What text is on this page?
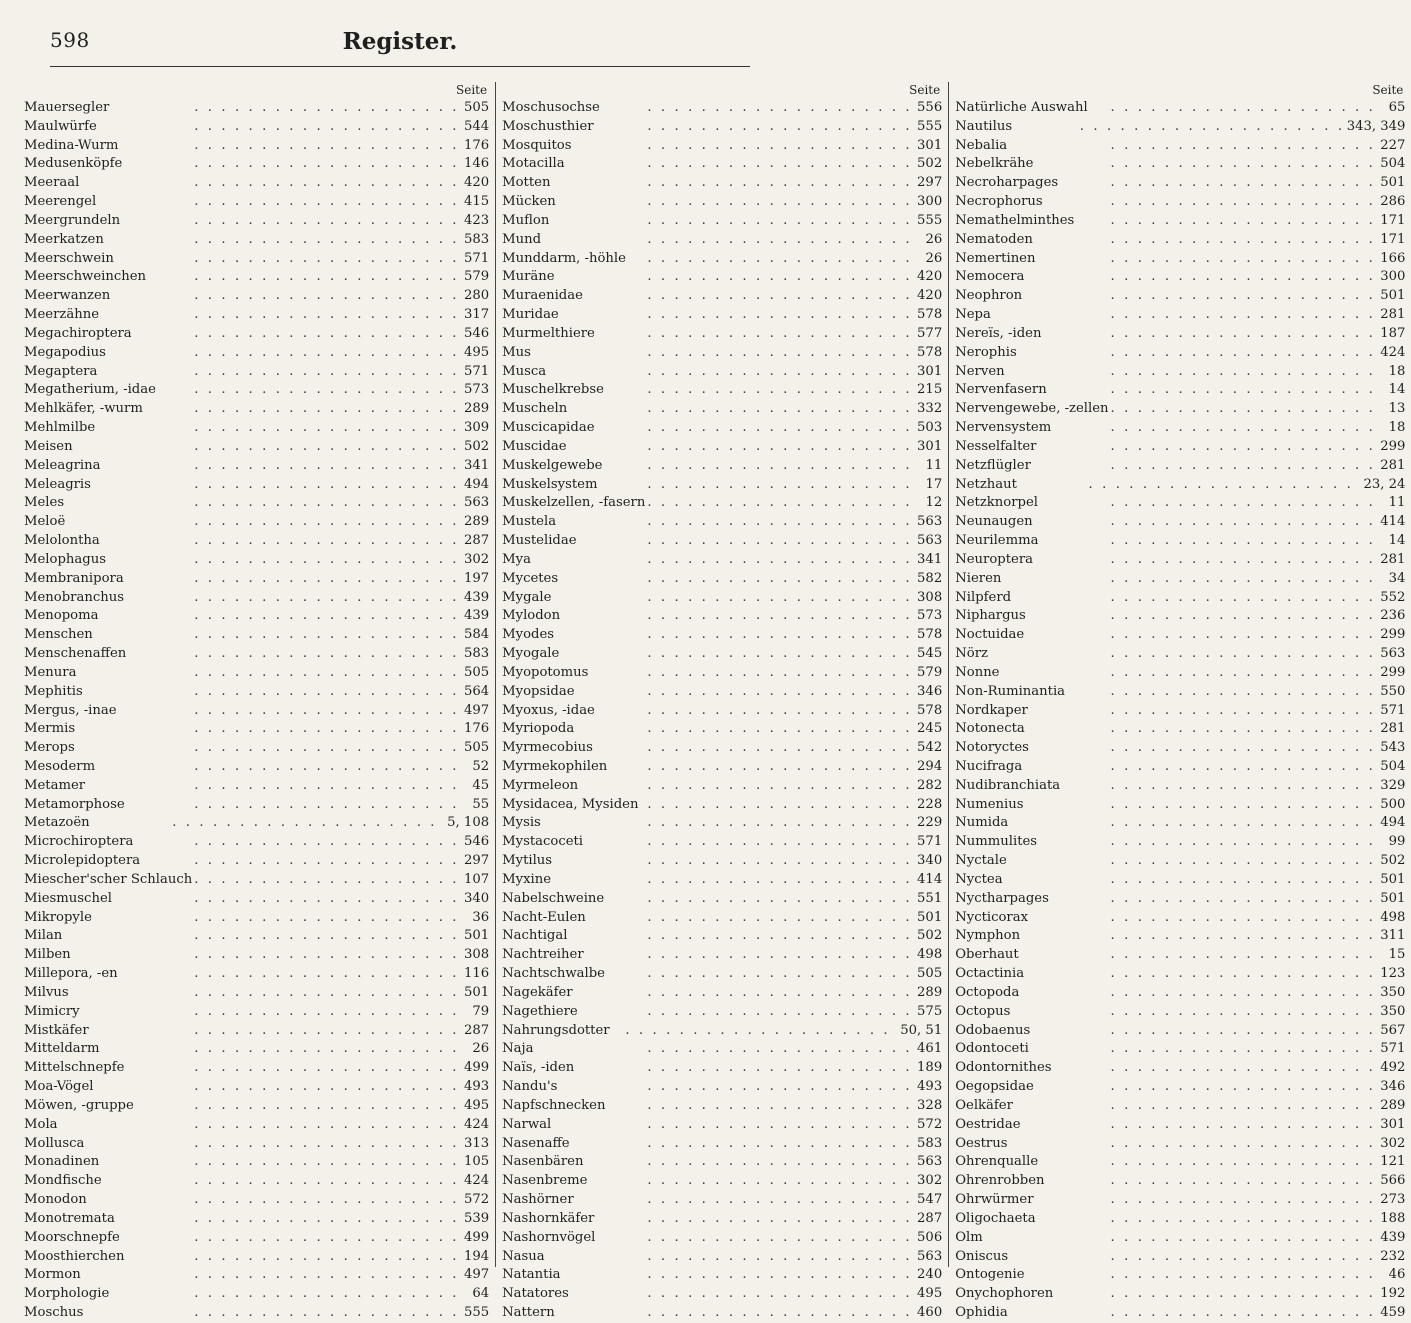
598	Register.
Seite
Mauersegler	. . . . . . . . . . . . . . . . . . . . 505
Maulwürfe	. . . . . . . . . . . . . . . . . . . . 544
Medina-Wurm	. . . . . . . . . . . . . . . . . . . . 176
Medusenköpfe	. . . . . . . . . . . . . . . . . . . . 146
Meeraal	. . . . . . . . . . . . . . . . . . . . 420
Meerengel	. . . . . . . . . . . . . . . . . . . . 415
Meergrundeln	. . . . . . . . . . . . . . . . . . . . 423
Meerkatzen	. . . . . . . . . . . . . . . . . . . . 583
Meerschwein	. . . . . . . . . . . . . . . . . . . . 571
Meerschweinchen	. . . . . . . . . . . . . . . . . . . . 579
Meerwanzen	. . . . . . . . . . . . . . . . . . . . 280
Meerzähne	. . . . . . . . . . . . . . . . . . . . 317
Megachiroptera	. . . . . . . . . . . . . . . . . . . . 546
Megapodius	. . . . . . . . . . . . . . . . . . . . 495
Megaptera	. . . . . . . . . . . . . . . . . . . . 571
Megatherium, -idae	. . . . . . . . . . . . . . . . . . . . 573
Mehlkäfer, -wurm	. . . . . . . . . . . . . . . . . . . . 289
Mehlmilbe	. . . . . . . . . . . . . . . . . . . . 309
Meisen	. . . . . . . . . . . . . . . . . . . . 502
Meleagrina	. . . . . . . . . . . . . . . . . . . . 341
Meleagris	. . . . . . . . . . . . . . . . . . . . 494
Meles	. . . . . . . . . . . . . . . . . . . . 563
Meloë	. . . . . . . . . . . . . . . . . . . . 289
Melolontha	. . . . . . . . . . . . . . . . . . . . 287
Melophagus	. . . . . . . . . . . . . . . . . . . . 302
Membranipora	. . . . . . . . . . . . . . . . . . . . 197
Menobranchus	. . . . . . . . . . . . . . . . . . . . 439
Menopoma	. . . . . . . . . . . . . . . . . . . . 439
Menschen	. . . . . . . . . . . . . . . . . . . . 584
Menschenaffen	. . . . . . . . . . . . . . . . . . . . 583
Menura	. . . . . . . . . . . . . . . . . . . . 505
Mephitis	. . . . . . . . . . . . . . . . . . . . 564
Mergus, -inae	. . . . . . . . . . . . . . . . . . . . 497
Mermis	. . . . . . . . . . . . . . . . . . . . 176
Merops	. . . . . . . . . . . . . . . . . . . . 505
Mesoderm	. . . . . . . . . . . . . . . . . . . .	52
Metamer	. . . . . . . . . . . . . . . . . . . .	45
Metamorphose	. . . . . . . . . . . . . . . . . . . .	55
Metazoën	. . . . . . . . . . . . . . . . . . . . 5, 108
Microchiroptera	. . . . . . . . . . . . . . . . . . . . 546
Microlepidoptera	. . . . . . . . . . . . . . . . . . . . 297
Miescher'scher Schlauch . . . . . . . . . . . . . . . . . . . . 107
Miesmuschel	. . . . . . . . . . . . . . . . . . . . 340
Mikropyle	. . . . . . . . . . . . . . . . . . . .	36
Milan	. . . . . . . . . . . . . . . . . . . . 501
Milben	. . . . . . . . . . . . . . . . . . . . 308
Millepora, -en	. . . . . . . . . . . . . . . . . . . . 116
Milvus	. . . . . . . . . . . . . . . . . . . . 501
Mimicry	. . . . . . . . . . . . . . . . . . . .	79
Mistkäfer	. . . . . . . . . . . . . . . . . . . . 287
Mitteldarm	. . . . . . . . . . . . . . . . . . . .	26
Mittelschnepfe	. . . . . . . . . . . . . . . . . . . . 499
Moa-Vögel	. . . . . . . . . . . . . . . . . . . . 493
Möwen, -gruppe	. . . . . . . . . . . . . . . . . . . . 495
Mola	. . . . . . . . . . . . . . . . . . . . 424
Mollusca	. . . . . . . . . . . . . . . . . . . . 313
Monadinen	. . . . . . . . . . . . . . . . . . . . 105
Mondfische	. . . . . . . . . . . . . . . . . . . . 424
Monodon	. . . . . . . . . . . . . . . . . . . . 572
Monotremata	. . . . . . . . . . . . . . . . . . . . 539
Moorschnepfe	. . . . . . . . . . . . . . . . . . . . 499
Moosthierchen	. . . . . . . . . . . . . . . . . . . . 194
Mormon	. . . . . . . . . . . . . . . . . . . . 497
Morphologie	. . . . . . . . . . . . . . . . . . . .	64
Moschus	. . . . . . . . . . . . . . . . . . . . 555
Seite
Moschusochse	. . . . . . . . . . . . . . . . . . . . 556
Moschusthier	. . . . . . . . . . . . . . . . . . . . 555
Mosquitos	. . . . . . . . . . . . . . . . . . . . 301
Motacilla	. . . . . . . . . . . . . . . . . . . . 502
Motten	. . . . . . . . . . . . . . . . . . . . 297
Mücken	. . . . . . . . . . . . . . . . . . . . 300
Muflon	. . . . . . . . . . . . . . . . . . . . 555
Mund	. . . . . . . . . . . . . . . . . . . .	26
Munddarm, -höhle	. . . . . . . . . . . . . . . . . . . .	26
Muräne	. . . . . . . . . . . . . . . . . . . . 420
Muraenidae	. . . . . . . . . . . . . . . . . . . . 420
Muridae	. . . . . . . . . . . . . . . . . . . . 578
Murmelthiere	. . . . . . . . . . . . . . . . . . . . 577
Mus	. . . . . . . . . . . . . . . . . . . . 578
Musca	. . . . . . . . . . . . . . . . . . . . 301
Muschelkrebse	. . . . . . . . . . . . . . . . . . . . 215
Muscheln	. . . . . . . . . . . . . . . . . . . . 332
Muscicapidae	. . . . . . . . . . . . . . . . . . . . 503
Muscidae	. . . . . . . . . . . . . . . . . . . . 301
Muskelgewebe	. . . . . . . . . . . . . . . . . . . .	11
Muskelsystem	. . . . . . . . . . . . . . . . . . . .	17
Muskelzellen, -fasern . . . . . . . . . . . . . . . . . . . .	12
Mustela	. . . . . . . . . . . . . . . . . . . . 563
Mustelidae	. . . . . . . . . . . . . . . . . . . . 563
Mya	. . . . . . . . . . . . . . . . . . . . 341
Mycetes	. . . . . . . . . . . . . . . . . . . . 582
Mygale	. . . . . . . . . . . . . . . . . . . . 308
Mylodon	. . . . . . . . . . . . . . . . . . . . 573
Myodes	. . . . . . . . . . . . . . . . . . . . 578
Myogale	. . . . . . . . . . . . . . . . . . . . 545
Myopotomus	. . . . . . . . . . . . . . . . . . . . 579
Myopsidae	. . . . . . . . . . . . . . . . . . . . 346
Myoxus, -idae	. . . . . . . . . . . . . . . . . . . . 578
Myriopoda	. . . . . . . . . . . . . . . . . . . . 245
Myrmecobius	. . . . . . . . . . . . . . . . . . . . 542
Myrmekophilen	. . . . . . . . . . . . . . . . . . . . 294
Myrmeleon	. . . . . . . . . . . . . . . . . . . . 282
Mysidacea, Mysiden . . . . . . . . . . . . . . . . . . . . 228
Mysis	. . . . . . . . . . . . . . . . . . . . 229
Mystacoceti	. . . . . . . . . . . . . . . . . . . . 571
Mytilus	. . . . . . . . . . . . . . . . . . . . 340
Myxine	. . . . . . . . . . . . . . . . . . . . 414
Nabelschweine	. . . . . . . . . . . . . . . . . . . . 551
Nacht-Eulen	. . . . . . . . . . . . . . . . . . . . 501
Nachtigal	. . . . . . . . . . . . . . . . . . . . 502
Nachtreiher	. . . . . . . . . . . . . . . . . . . . 498
Nachtschwalbe	. . . . . . . . . . . . . . . . . . . . 505
Nagekäfer	. . . . . . . . . . . . . . . . . . . . 289
Nagethiere	. . . . . . . . . . . . . . . . . . . . 575
Nahrungsdotter	. . . . . . . . . . . . . . . . . . . . 50, 51
Naja	. . . . . . . . . . . . . . . . . . . . 461
Naïs, -iden	. . . . . . . . . . . . . . . . . . . . 189
Nandu's	. . . . . . . . . . . . . . . . . . . . 493
Napfschnecken	. . . . . . . . . . . . . . . . . . . . 328
Narwal	. . . . . . . . . . . . . . . . . . . . 572
Nasenaffe	. . . . . . . . . . . . . . . . . . . . 583
Nasenbären	. . . . . . . . . . . . . . . . . . . . 563
Nasenbreme	. . . . . . . . . . . . . . . . . . . . 302
Nashörner	. . . . . . . . . . . . . . . . . . . . 547
Nashornkäfer	. . . . . . . . . . . . . . . . . . . . 287
Nashornvögel	. . . . . . . . . . . . . . . . . . . . 506
Nasua	. . . . . . . . . . . . . . . . . . . . 563
Natantia	. . . . . . . . . . . . . . . . . . . . 240
Natatores	. . . . . . . . . . . . . . . . . . . . 495
Nattern	. . . . . . . . . . . . . . . . . . . . 460
Seite
Natürliche Auswahl	. . . . . . . . . . . . . . . . . . . .	65
Nautilus	. . . . . . . . . . . . . . . . . . . . 343, 349
Nebalia	. . . . . . . . . . . . . . . . . . . . 227
Nebelkrähe	. . . . . . . . . . . . . . . . . . . . 504
Necroharpages	. . . . . . . . . . . . . . . . . . . . 501
Necrophorus	. . . . . . . . . . . . . . . . . . . . 286
Nemathelminthes	. . . . . . . . . . . . . . . . . . . . 171
Nematoden	. . . . . . . . . . . . . . . . . . . . 171
Nemertinen	. . . . . . . . . . . . . . . . . . . . 166
Nemocera	. . . . . . . . . . . . . . . . . . . . 300
Neophron	. . . . . . . . . . . . . . . . . . . . 501
Nepa	. . . . . . . . . . . . . . . . . . . . 281
Nereïs, -iden	. . . . . . . . . . . . . . . . . . . . 187
Nerophis	. . . . . . . . . . . . . . . . . . . . 424
Nerven	. . . . . . . . . . . . . . . . . . . .	18
Nervenfasern	. . . . . . . . . . . . . . . . . . . .	14
Nervengewebe, -zellen . . . . . . . . . . . . . . . . . . . .	13
Nervensystem	. . . . . . . . . . . . . . . . . . . .	18
Nesselfalter	. . . . . . . . . . . . . . . . . . . . 299
Netzflügler	. . . . . . . . . . . . . . . . . . . . 281
Netzhaut	. . . . . . . . . . . . . . . . . . . . 23, 24
Netzknorpel	. . . . . . . . . . . . . . . . . . . .	11
Neunaugen	. . . . . . . . . . . . . . . . . . . . 414
Neurilemma	. . . . . . . . . . . . . . . . . . . .	14
Neuroptera	. . . . . . . . . . . . . . . . . . . . 281
Nieren	. . . . . . . . . . . . . . . . . . . .	34
Nilpferd	. . . . . . . . . . . . . . . . . . . . 552
Niphargus	. . . . . . . . . . . . . . . . . . . . 236
Noctuidae	. . . . . . . . . . . . . . . . . . . . 299
Nörz	. . . . . . . . . . . . . . . . . . . . 563
Nonne	. . . . . . . . . . . . . . . . . . . . 299
Non-Ruminantia	. . . . . . . . . . . . . . . . . . . . 550
Nordkaper	. . . . . . . . . . . . . . . . . . . . 571
Notonecta	. . . . . . . . . . . . . . . . . . . . 281
Notoryctes	. . . . . . . . . . . . . . . . . . . . 543
Nucifraga	. . . . . . . . . . . . . . . . . . . . 504
Nudibranchiata	. . . . . . . . . . . . . . . . . . . . 329
Numenius	. . . . . . . . . . . . . . . . . . . . 500
Numida	. . . . . . . . . . . . . . . . . . . . 494
Nummulites	. . . . . . . . . . . . . . . . . . . .	99
Nyctale	. . . . . . . . . . . . . . . . . . . . 502
Nyctea	. . . . . . . . . . . . . . . . . . . . 501
Nyctharpages	. . . . . . . . . . . . . . . . . . . . 501
Nycticorax	. . . . . . . . . . . . . . . . . . . . 498
Nymphon	. . . . . . . . . . . . . . . . . . . . 311
Oberhaut	. . . . . . . . . . . . . . . . . . . .	15
Octactinia	. . . . . . . . . . . . . . . . . . . . 123
Octopoda	. . . . . . . . . . . . . . . . . . . . 350
Octopus	. . . . . . . . . . . . . . . . . . . . 350
Odobaenus	. . . . . . . . . . . . . . . . . . . . 567
Odontoceti	. . . . . . . . . . . . . . . . . . . . 571
Odontornithes	. . . . . . . . . . . . . . . . . . . . 492
Oegopsidae	. . . . . . . . . . . . . . . . . . . . 346
Oelkäfer	. . . . . . . . . . . . . . . . . . . . 289
Oestridae	. . . . . . . . . . . . . . . . . . . . 301
Oestrus	. . . . . . . . . . . . . . . . . . . . 302
Ohrenqualle	. . . . . . . . . . . . . . . . . . . . 121
Ohrenrobben	. . . . . . . . . . . . . . . . . . . . 566
Ohrwürmer	. . . . . . . . . . . . . . . . . . . . 273
Oligochaeta	. . . . . . . . . . . . . . . . . . . . 188
Olm	. . . . . . . . . . . . . . . . . . . . 439
Oniscus	. . . . . . . . . . . . . . . . . . . . 232
Ontogenie	. . . . . . . . . . . . . . . . . . . .	46
Onychophoren	. . . . . . . . . . . . . . . . . . . . 192
Ophidia	. . . . . . . . . . . . . . . . . . . . 459
